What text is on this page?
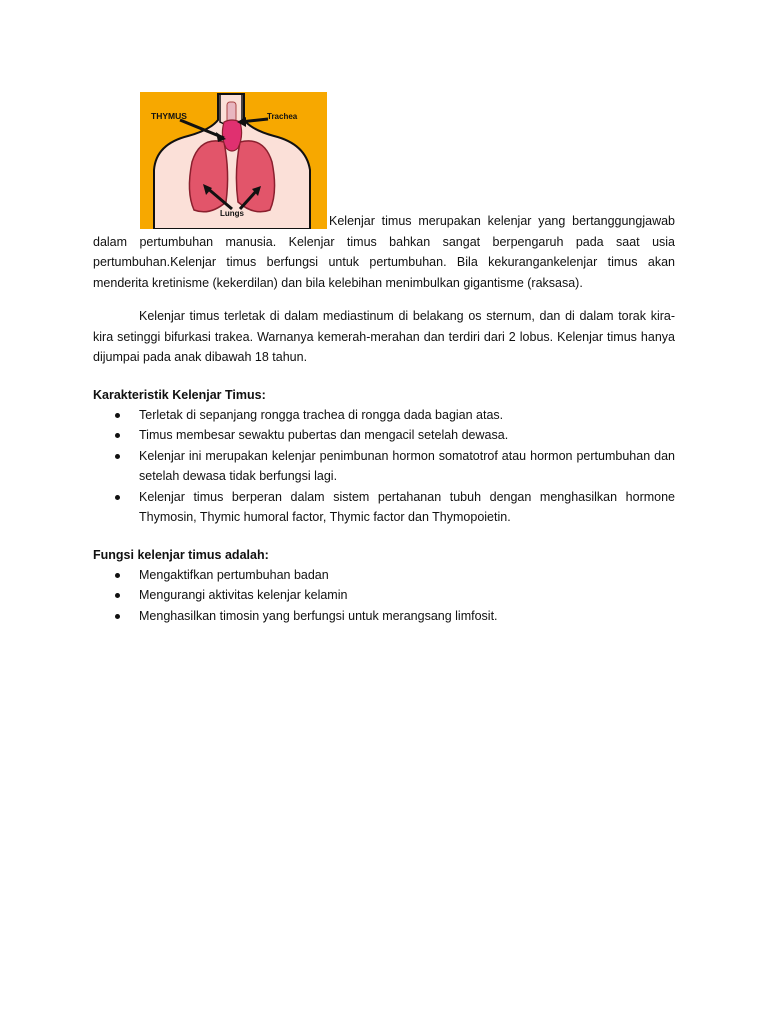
THYMUS	Trachea
Lungs

Kelenjar timus merupakan kelenjar yang bertanggungjawab dalam pertumbuhan manusia. Kelenjar timus bahkan sangat berpengaruh pada saat usia pertumbuhan.Kelenjar timus berfungsi untuk pertumbuhan. Bila kekurangankelenjar timus akan menderita kretinisme (kekerdilan) dan bila kelebihan menimbulkan gigantisme (raksasa).

Kelenjar timus terletak di dalam mediastinum di belakang os sternum, dan di dalam torak kira-kira setinggi bifurkasi trakea. Warnanya kemerah-merahan dan terdiri dari 2 lobus. Kelenjar timus hanya dijumpai pada anak dibawah 18 tahun.

Karakteristik Kelenjar Timus:

Terletak di sepanjang rongga trachea di rongga dada bagian atas.
Timus membesar sewaktu pubertas dan mengacil setelah dewasa.
Kelenjar ini merupakan kelenjar penimbunan hormon somatotrof atau hormon pertumbuhan dan setelah dewasa tidak berfungsi lagi.
Kelenjar timus berperan dalam sistem pertahanan tubuh dengan menghasilkan hormone Thymosin, Thymic humoral factor, Thymic factor dan Thymopoietin.

Fungsi kelenjar timus adalah:

Mengaktifkan pertumbuhan badan
Mengurangi aktivitas kelenjar kelamin
Menghasilkan timosin yang berfungsi untuk merangsang limfosit.
